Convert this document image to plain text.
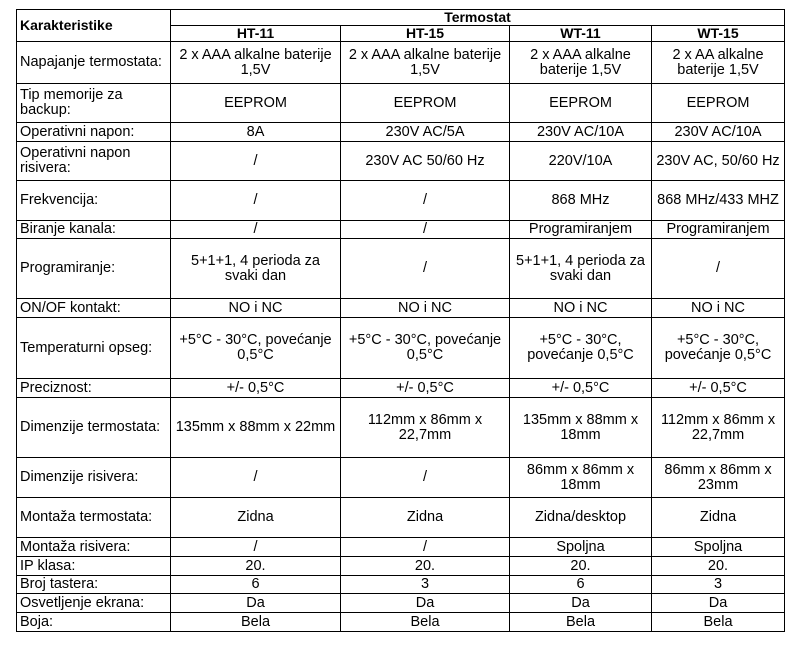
Karakteristike	Termostat			
	HT-11	HT-15	WT-11	WT-15
Napajanje termostata:	2 x AAA alkalne baterije 1,5V	2 x AAA alkalne baterije 1,5V	2 x AAA alkalne baterije 1,5V	2 x AA alkalne baterije 1,5V
Tip memorije za backup:	EEPROM	EEPROM	EEPROM	EEPROM
Operativni napon:	8A	230V AC/5A	230V AC/10A	230V AC/10A
Operativni napon risivera:	/	230V AC 50/60 Hz	220V/10A	230V AC, 50/60 Hz
Frekvencija:	/	/	868 MHz	868 MHz/433 MHZ
Biranje kanala:	/	/	Programiranjem	Programiranjem
Programiranje:	5+1+1, 4 perioda za svaki dan	/	5+1+1, 4 perioda za svaki dan	/
ON/OF kontakt:	NO i NC	NO i NC	NO i NC	NO i NC
Temperaturni opseg:	+5°C - 30°C, povećanje 0,5°C	+5°C - 30°C, povećanje 0,5°C	+5°C - 30°C, povećanje 0,5°C	+5°C - 30°C, povećanje 0,5°C
Preciznost:	+/- 0,5°C	+/- 0,5°C	+/- 0,5°C	+/- 0,5°C
Dimenzije termostata:	135mm x 88mm x 22mm	112mm x 86mm x 22,7mm	135mm x 88mm x 18mm	112mm x 86mm x 22,7mm
Dimenzije risivera:	/	/	86mm x 86mm x 18mm	86mm x 86mm x 23mm
Montaža termostata:	Zidna	Zidna	Zidna/desktop	Zidna
Montaža risivera:	/	/	Spoljna	Spoljna
IP klasa:	20.	20.	20.	20.
Broj tastera:	6	3	6	3
Osvetljenje ekrana:	Da	Da	Da	Da
Boja:	Bela	Bela	Bela	Bela
